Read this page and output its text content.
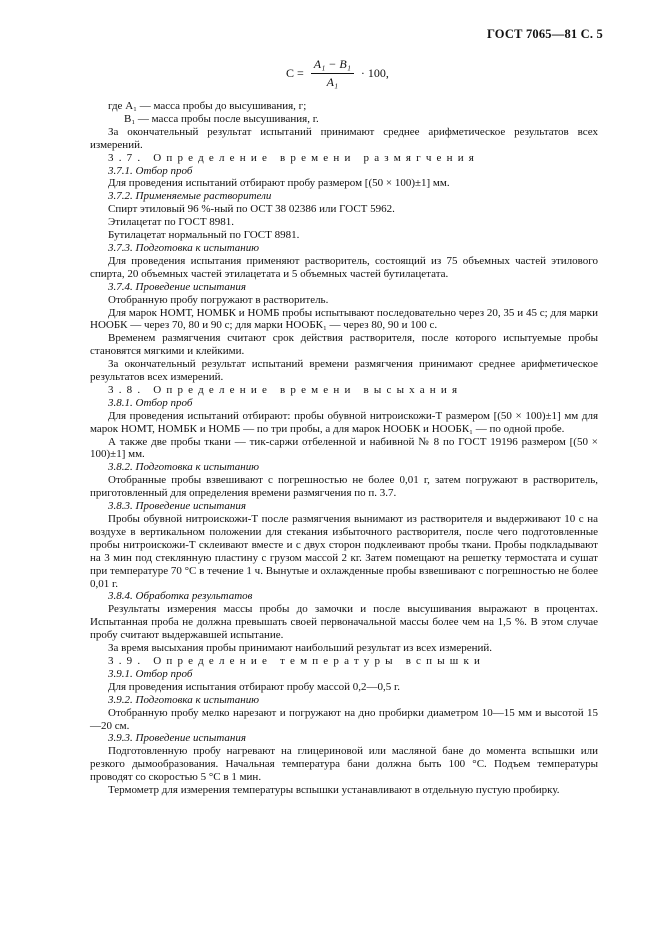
ГОСТ 7065—81 С. 5
$C = \frac{\text{A₁ − B₁}}{\text{A₁}} \cdot 100$,

где A₁ — масса пробы до высушивания, г;

B₁ — масса пробы после высушивания, г.

За окончательный результат испытаний принимают среднее арифметическое результатов всех измерений.

3.7. Определение времени размягчения

3.7.1. Отбор проб

Для проведения испытаний отбирают пробу размером [(50 × 100)±1] мм.

3.7.2. Применяемые растворители

Спирт этиловый 96 %-ный по ОСТ 38 02386 или ГОСТ 5962.

Этилацетат по ГОСТ 8981.

Бутилацетат нормальный по ГОСТ 8981.

3.7.3. Подготовка к испытанию

Для проведения испытания применяют растворитель, состоящий из 75 объемных частей этилового спирта, 20 объемных частей этилацетата и 5 объемных частей бутилацетата.

3.7.4. Проведение испытания

Отобранную пробу погружают в растворитель.

Для марок НОМТ, НОМБК и НОМБ пробы испытывают последовательно через 20, 35 и 45 с; для марки НООБК — через 70, 80 и 90 с; для марки НООБК₁ — через 80, 90 и 100 с.

Временем размягчения считают срок действия растворителя, после которого испытуемые пробы становятся мягкими и клейкими.

За окончательный результат испытаний времени размягчения принимают среднее арифметическое результатов всех измерений.

3.8. Определение времени высыхания

3.8.1. Отбор проб

Для проведения испытаний отбирают: пробы обувной нитроискожи-Т размером [(50 × 100)±1] мм для марок НОМТ, НОМБК и НОМБ — по три пробы, а для марок НООБК и НООБК₁ — по одной пробе.

А также две пробы ткани — тик-саржи отбеленной и набивной № 8 по ГОСТ 19196 размером [(50 × 100)±1] мм.

3.8.2. Подготовка к испытанию

Отобранные пробы взвешивают с погрешностью не более 0,01 г, затем погружают в растворитель, приготовленный для определения времени размягчения по п. 3.7.

3.8.3. Проведение испытания

Пробы обувной нитроискожи-Т после размягчения вынимают из растворителя и выдерживают 10 с на воздухе в вертикальном положении для стекания избыточного растворителя, после чего подготовленные пробы нитроискожи-Т склеивают вместе и с двух сторон подклеивают пробы ткани. Пробы подкладывают на 3 мин под стеклянную пластину с грузом массой 2 кг. Затем помещают на решетку термостата и сушат при температуре 70 °С в течение 1 ч. Вынутые и охлажденные пробы взвешивают с погрешностью не более 0,01 г.

3.8.4. Обработка результатов

Результаты измерения массы пробы до замочки и после высушивания выражают в процентах. Испытанная проба не должна превышать своей первоначальной массы более чем на 1,5 %. В этом случае пробу считают выдержавшей испытание.

За время высыхания пробы принимают наибольший результат из всех измерений.

3.9. Определение температуры вспышки

3.9.1. Отбор проб

Для проведения испытания отбирают пробу массой 0,2—0,5 г.

3.9.2. Подготовка к испытанию

Отобранную пробу мелко нарезают и погружают на дно пробирки диаметром 10—15 мм и высотой 15—20 см.

3.9.3. Проведение испытания

Подготовленную пробу нагревают на глицериновой или масляной бане до момента вспышки или резкого дымообразования. Начальная температура бани должна быть 100 °С. Подъем температуры проводят со скоростью 5 °С в 1 мин.

Термометр для измерения температуры вспышки устанавливают в отдельную пустую пробирку.
